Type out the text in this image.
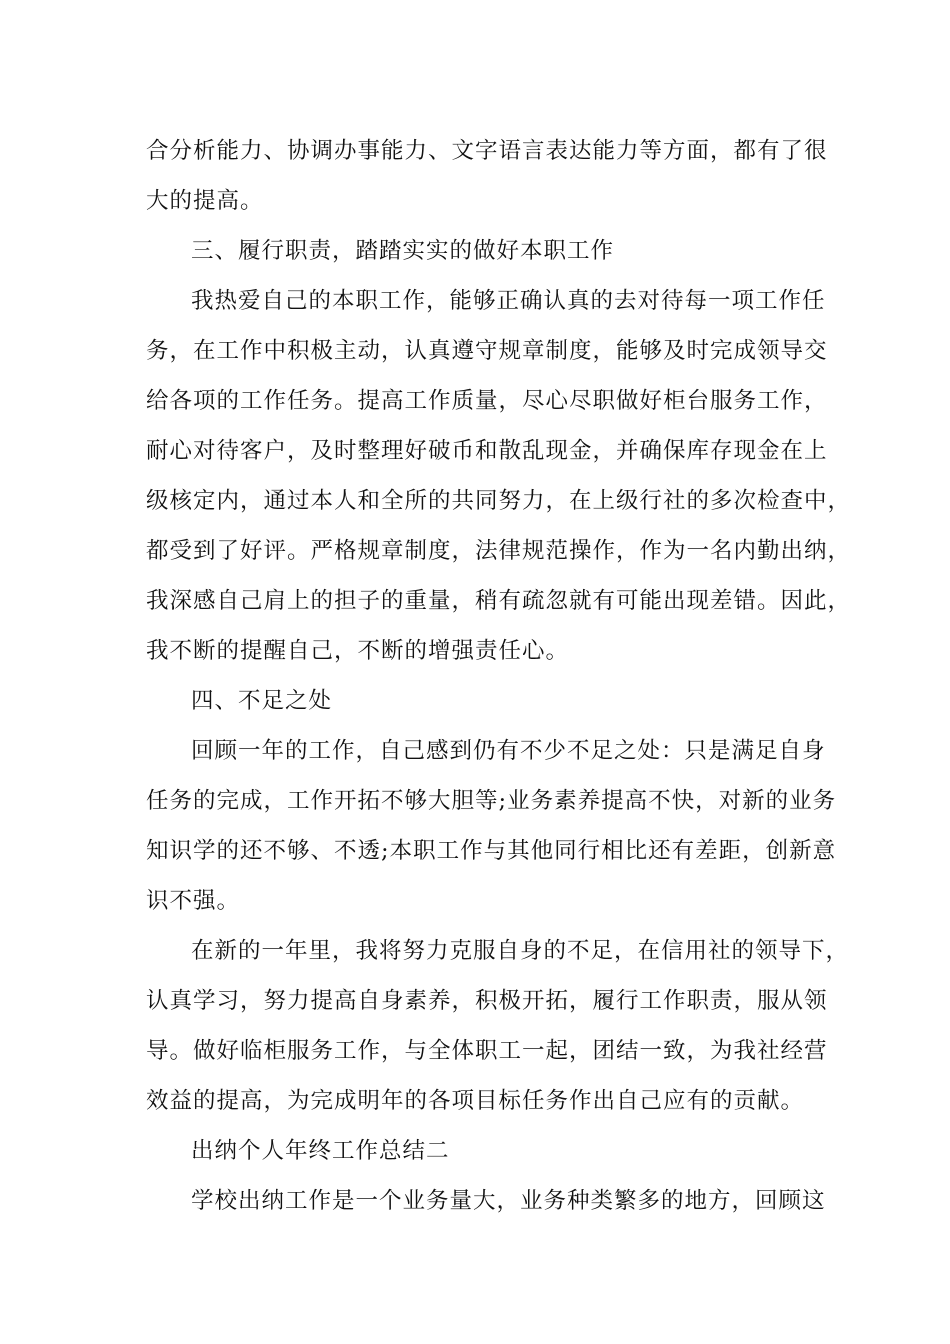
合分析能力、协调办事能力、文字语言表达能力等方面，都有了很
大的提高。
三、履行职责，踏踏实实的做好本职工作
我热爱自己的本职工作，能够正确认真的去对待每一项工作任
务，在工作中积极主动，认真遵守规章制度，能够及时完成领导交
给各项的工作任务。提高工作质量，尽心尽职做好柜台服务工作，
耐心对待客户，及时整理好破币和散乱现金，并确保库存现金在上
级核定内，通过本人和全所的共同努力，在上级行社的多次检查中，
都受到了好评。严格规章制度，法律规范操作，作为一名内勤出纳，
我深感自己肩上的担子的重量，稍有疏忽就有可能出现差错。因此，
我不断的提醒自己，不断的增强责任心。
四、不足之处
回顾一年的工作，自己感到仍有不少不足之处：只是满足自身
任务的完成，工作开拓不够大胆等;业务素养提高不快，对新的业务
知识学的还不够、不透;本职工作与其他同行相比还有差距，创新意
识不强。
在新的一年里，我将努力克服自身的不足，在信用社的领导下，
认真学习，努力提高自身素养，积极开拓，履行工作职责，服从领
导。做好临柜服务工作，与全体职工一起，团结一致，为我社经营
效益的提高，为完成明年的各项目标任务作出自己应有的贡献。
出纳个人年终工作总结二
学校出纳工作是一个业务量大，业务种类繁多的地方，回顾这
